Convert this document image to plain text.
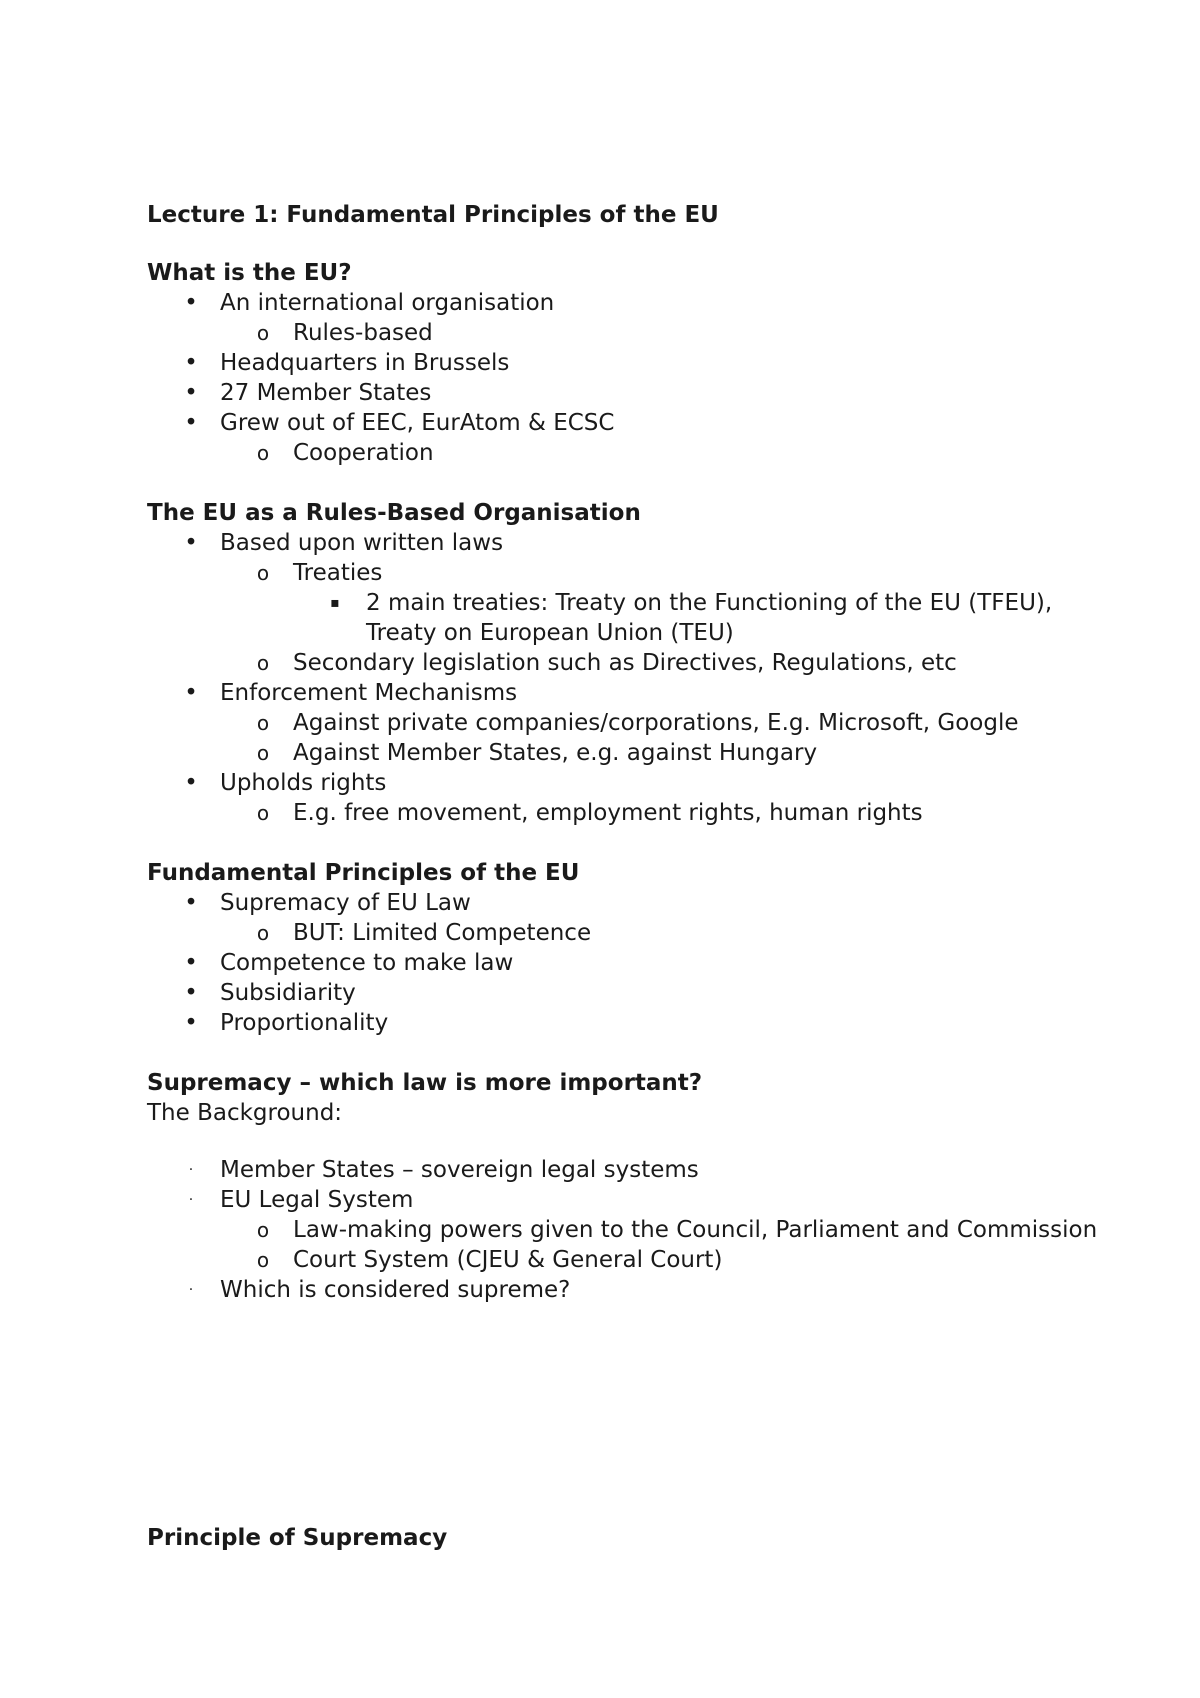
Lecture 1: Fundamental Principles of the EU
What is the EU?
• An international organisation
o Rules-based
• Headquarters in Brussels
• 27 Member States
• Grew out of EEC, EurAtom & ECSC
o Cooperation
The EU as a Rules-Based Organisation
• Based upon written laws
o Treaties
▪	2 main treaties: Treaty on the Functioning of the EU (TFEU), Treaty on European Union (TEU)
o Secondary legislation such as Directives, Regulations, etc
• Enforcement Mechanisms
o Against private companies/corporations, E.g. Microsoft, Google
o Against Member States, e.g. against Hungary
• Upholds rights
o E.g. free movement, employment rights, human rights
Fundamental Principles of the EU
• Supremacy of EU Law
o BUT: Limited Competence
• Competence to make law
• Subsidiarity
• Proportionality
Supremacy – which law is more important?
The Background:
·	Member States – sovereign legal systems
·	EU Legal System
o Law-making powers given to the Council, Parliament and Commission
o Court System (CJEU & General Court)
·	Which is considered supreme?
Principle of Supremacy
